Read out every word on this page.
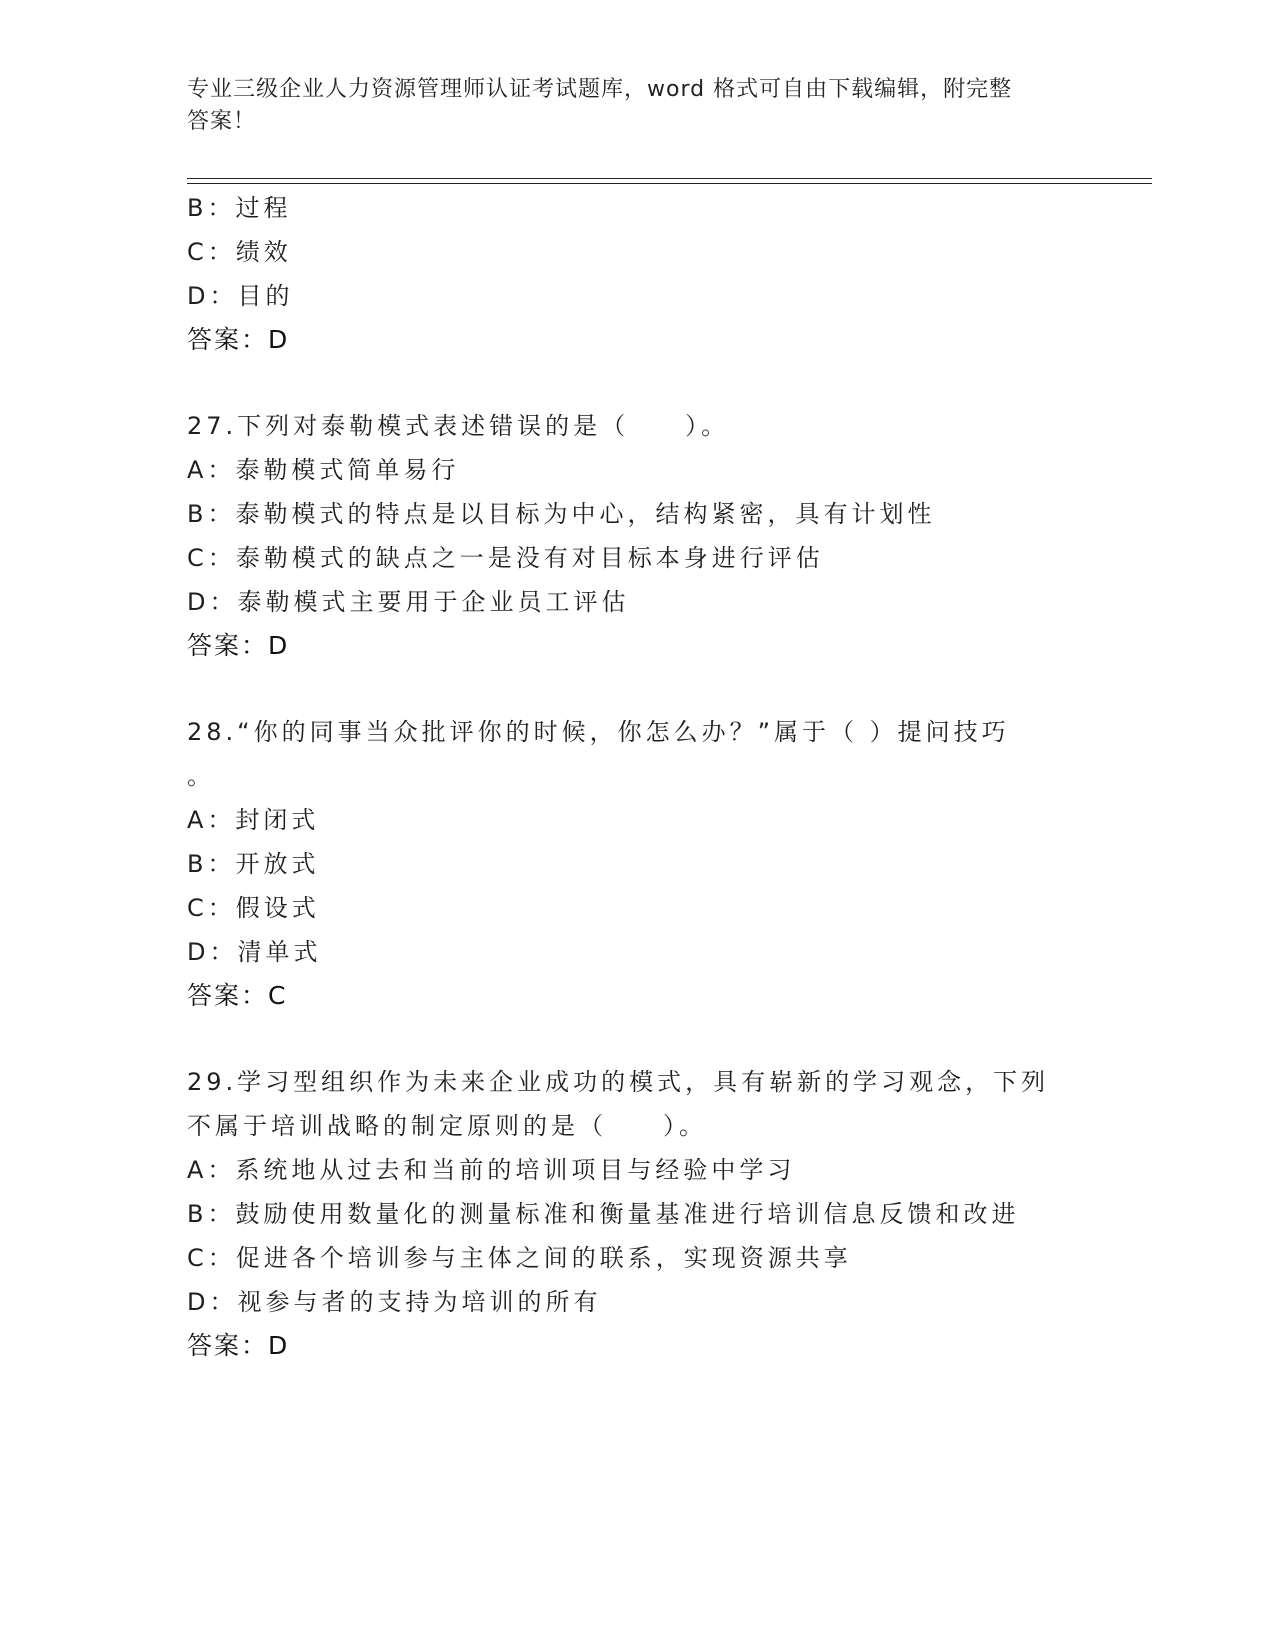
专业三级企业人力资源管理师认证考试题库，word 格式可自由下载编辑，附完整
答案！
B：过程
C：绩效
D：目的
答案：D
27.下列对泰勒模式表述错误的是（　　）。
A：泰勒模式简单易行
B：泰勒模式的特点是以目标为中心，结构紧密，具有计划性
C：泰勒模式的缺点之一是没有对目标本身进行评估
D：泰勒模式主要用于企业员工评估
答案：D
28.“你的同事当众批评你的时候，你怎么办？”属于（ ）提问技巧
。
A：封闭式
B：开放式
C：假设式
D：清单式
答案：C
29.学习型组织作为未来企业成功的模式，具有崭新的学习观念，下列
不属于培训战略的制定原则的是（　　）。
A：系统地从过去和当前的培训项目与经验中学习
B：鼓励使用数量化的测量标准和衡量基准进行培训信息反馈和改进
C：促进各个培训参与主体之间的联系，实现资源共享
D：视参与者的支持为培训的所有
答案：D
